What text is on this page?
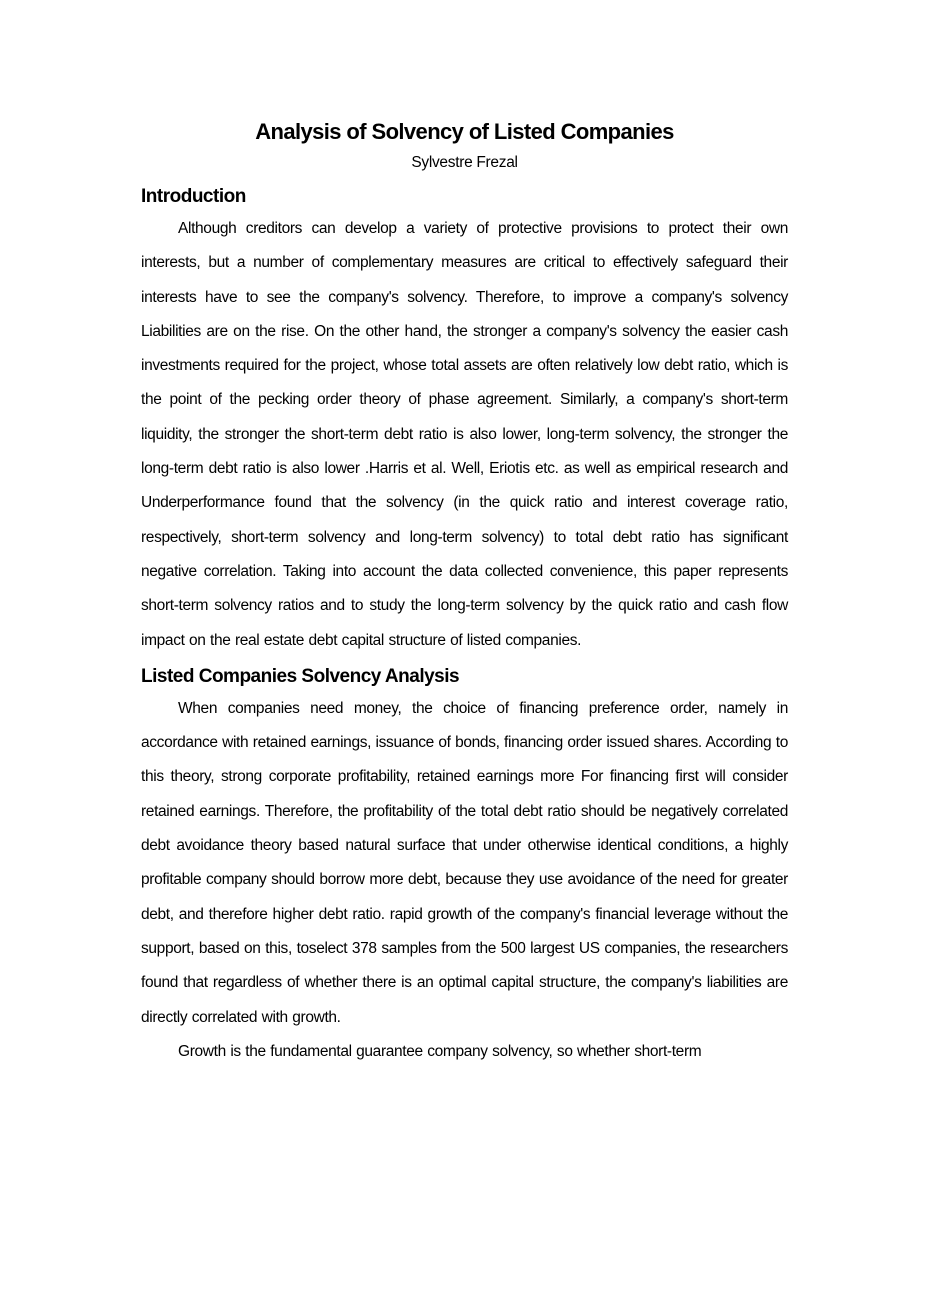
Analysis of Solvency of Listed Companies
Sylvestre Frezal
Introduction

Although creditors can develop a variety of protective provisions to protect their own interests, but a number of complementary measures are critical to effectively safeguard their interests have to see the company's solvency. Therefore, to improve a company's solvency Liabilities are on the rise. On the other hand, the stronger a company's solvency the easier cash investments required for the project, whose total assets are often relatively low debt ratio, which is the point of the pecking order theory of phase agreement. Similarly, a company's short-term liquidity, the stronger the short-term debt ratio is also lower, long-term solvency, the stronger the long-term debt ratio is also lower .Harris et al. Well, Eriotis etc. as well as empirical research and Underperformance found that the solvency (in the quick ratio and interest coverage ratio, respectively, short-term solvency and long-term solvency) to total debt ratio has significant negative correlation. Taking into account the data collected convenience, this paper represents short-term solvency ratios and to study the long-term solvency by the quick ratio and cash flow impact on the real estate debt capital structure of listed companies.

Listed Companies Solvency Analysis

When companies need money, the choice of financing preference order, namely in accordance with retained earnings, issuance of bonds, financing order issued shares. According to this theory, strong corporate profitability, retained earnings more For financing first will consider retained earnings. Therefore, the profitability of the total debt ratio should be negatively correlated debt avoidance theory based natural surface that under otherwise identical conditions, a highly profitable company should borrow more debt, because they use avoidance of the need for greater debt, and therefore higher debt ratio. rapid growth of the company's financial leverage without the support, based on this, toselect 378 samples from the 500 largest US companies, the researchers found that regardless of whether there is an optimal capital structure, the company's liabilities are directly correlated with growth.

Growth is the fundamental guarantee company solvency, so whether short-term
